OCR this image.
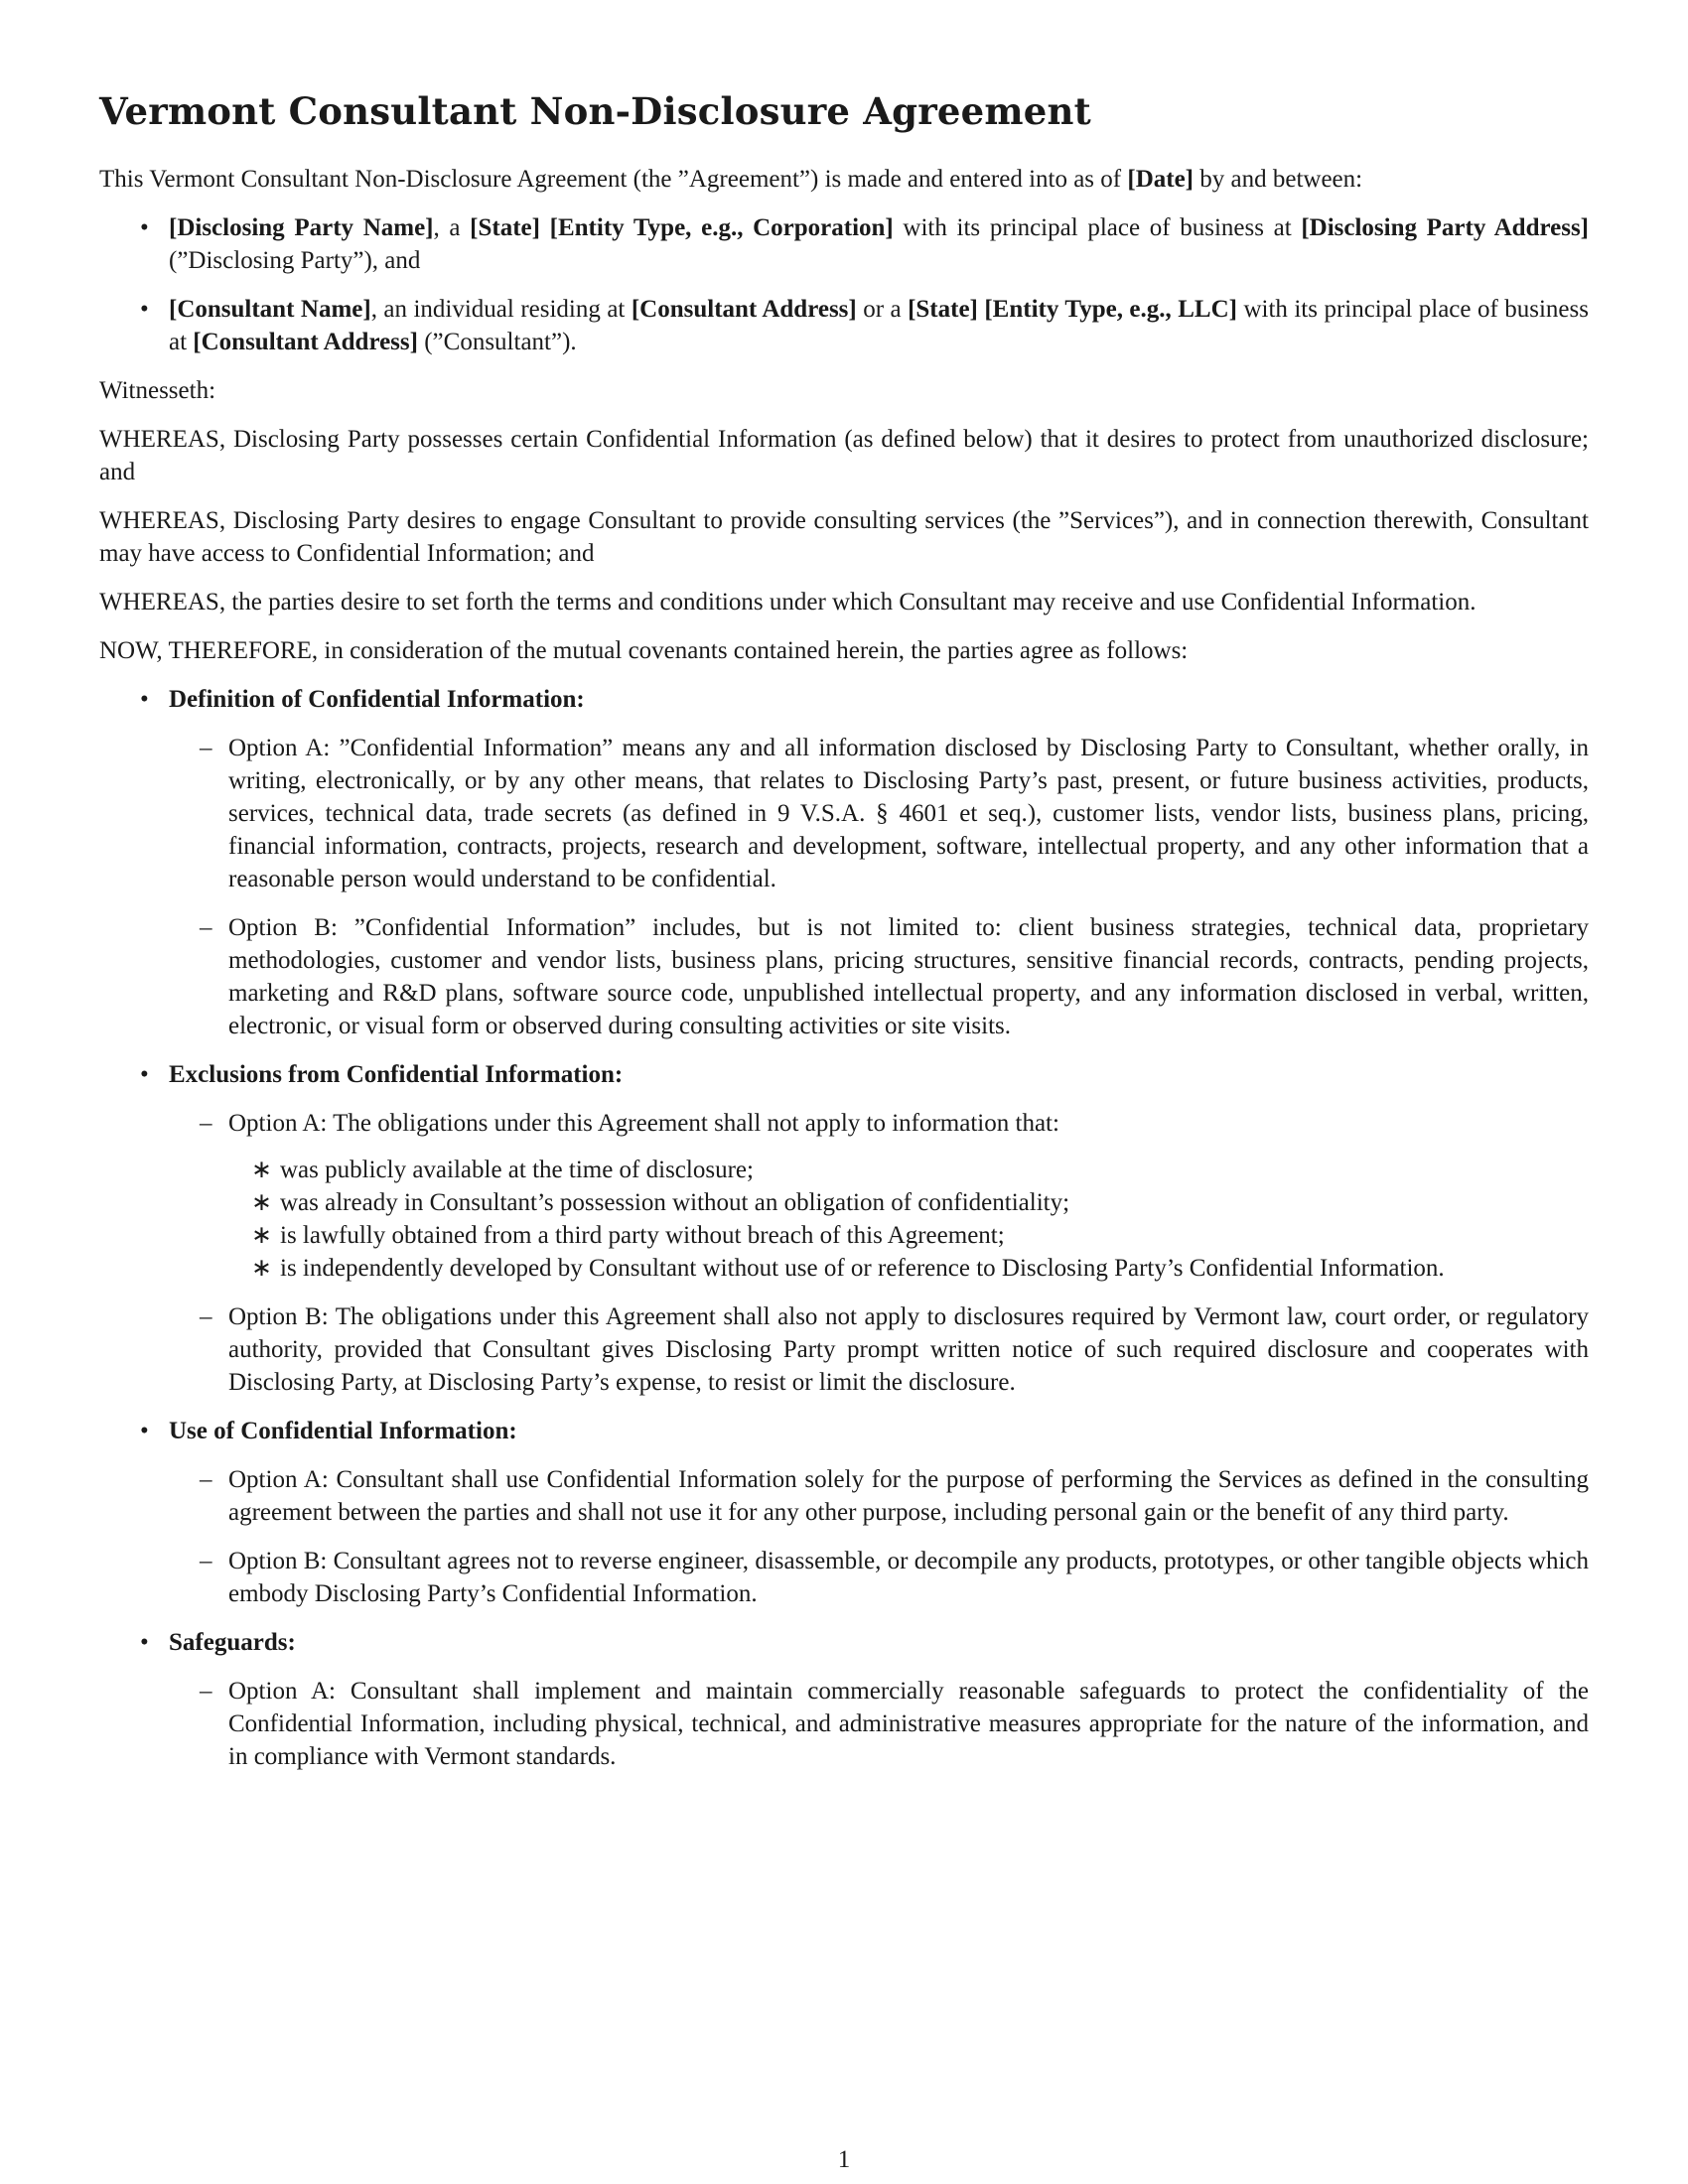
Vermont Consultant Non-Disclosure Agreement

This Vermont Consultant Non-Disclosure Agreement (the ”Agreement”) is made and entered into as of [Date] by and between:

• [Disclosing Party Name], a [State] [Entity Type, e.g., Corporation] with its principal place of business at [Disclosing Party Address] (”Disclosing Party”), and
• [Consultant Name], an individual residing at [Consultant Address] or a [State] [Entity Type, e.g., LLC] with its principal place of business at [Consultant Address] (”Consultant”).

Witnesseth:

WHEREAS, Disclosing Party possesses certain Confidential Information (as defined below) that it desires to protect from unauthorized disclosure; and

WHEREAS, Disclosing Party desires to engage Consultant to provide consulting services (the ”Services”), and in connection therewith, Consultant may have access to Confidential Information; and

WHEREAS, the parties desire to set forth the terms and conditions under which Consultant may receive and use Confidential Information.

NOW, THEREFORE, in consideration of the mutual covenants contained herein, the parties agree as follows:

• Definition of Confidential Information:
– Option A: ”Confidential Information” means any and all information disclosed by Disclosing Party to Consultant, whether orally, in writing, electronically, or by any other means, that relates to Disclosing Party’s past, present, or future business activities, products, services, technical data, trade secrets (as defined in 9 V.S.A. § 4601 et seq.), customer lists, vendor lists, business plans, pricing, financial information, contracts, projects, research and development, software, intellectual property, and any other information that a reasonable person would understand to be confidential.
– Option B: ”Confidential Information” includes, but is not limited to: client business strategies, technical data, proprietary methodologies, customer and vendor lists, business plans, pricing structures, sensitive financial records, contracts, pending projects, marketing and R&D plans, software source code, unpublished intellectual property, and any information disclosed in verbal, written, electronic, or visual form or observed during consulting activities or site visits.
• Exclusions from Confidential Information:
– Option A: The obligations under this Agreement shall not apply to information that:
∗ was publicly available at the time of disclosure;
∗ was already in Consultant’s possession without an obligation of confidentiality;
∗ is lawfully obtained from a third party without breach of this Agreement;
∗ is independently developed by Consultant without use of or reference to Disclosing Party’s Confidential Information.
– Option B: The obligations under this Agreement shall also not apply to disclosures required by Vermont law, court order, or regulatory authority, provided that Consultant gives Disclosing Party prompt written notice of such required disclosure and cooperates with Disclosing Party, at Disclosing Party’s expense, to resist or limit the disclosure.
• Use of Confidential Information:
– Option A: Consultant shall use Confidential Information solely for the purpose of performing the Services as defined in the consulting agreement between the parties and shall not use it for any other purpose, including personal gain or the benefit of any third party.
– Option B: Consultant agrees not to reverse engineer, disassemble, or decompile any products, prototypes, or other tangible objects which embody Disclosing Party’s Confidential Information.
• Safeguards:
– Option A: Consultant shall implement and maintain commercially reasonable safeguards to protect the confidentiality of the Confidential Information, including physical, technical, and administrative measures appropriate for the nature of the information, and in compliance with Vermont standards.
1
